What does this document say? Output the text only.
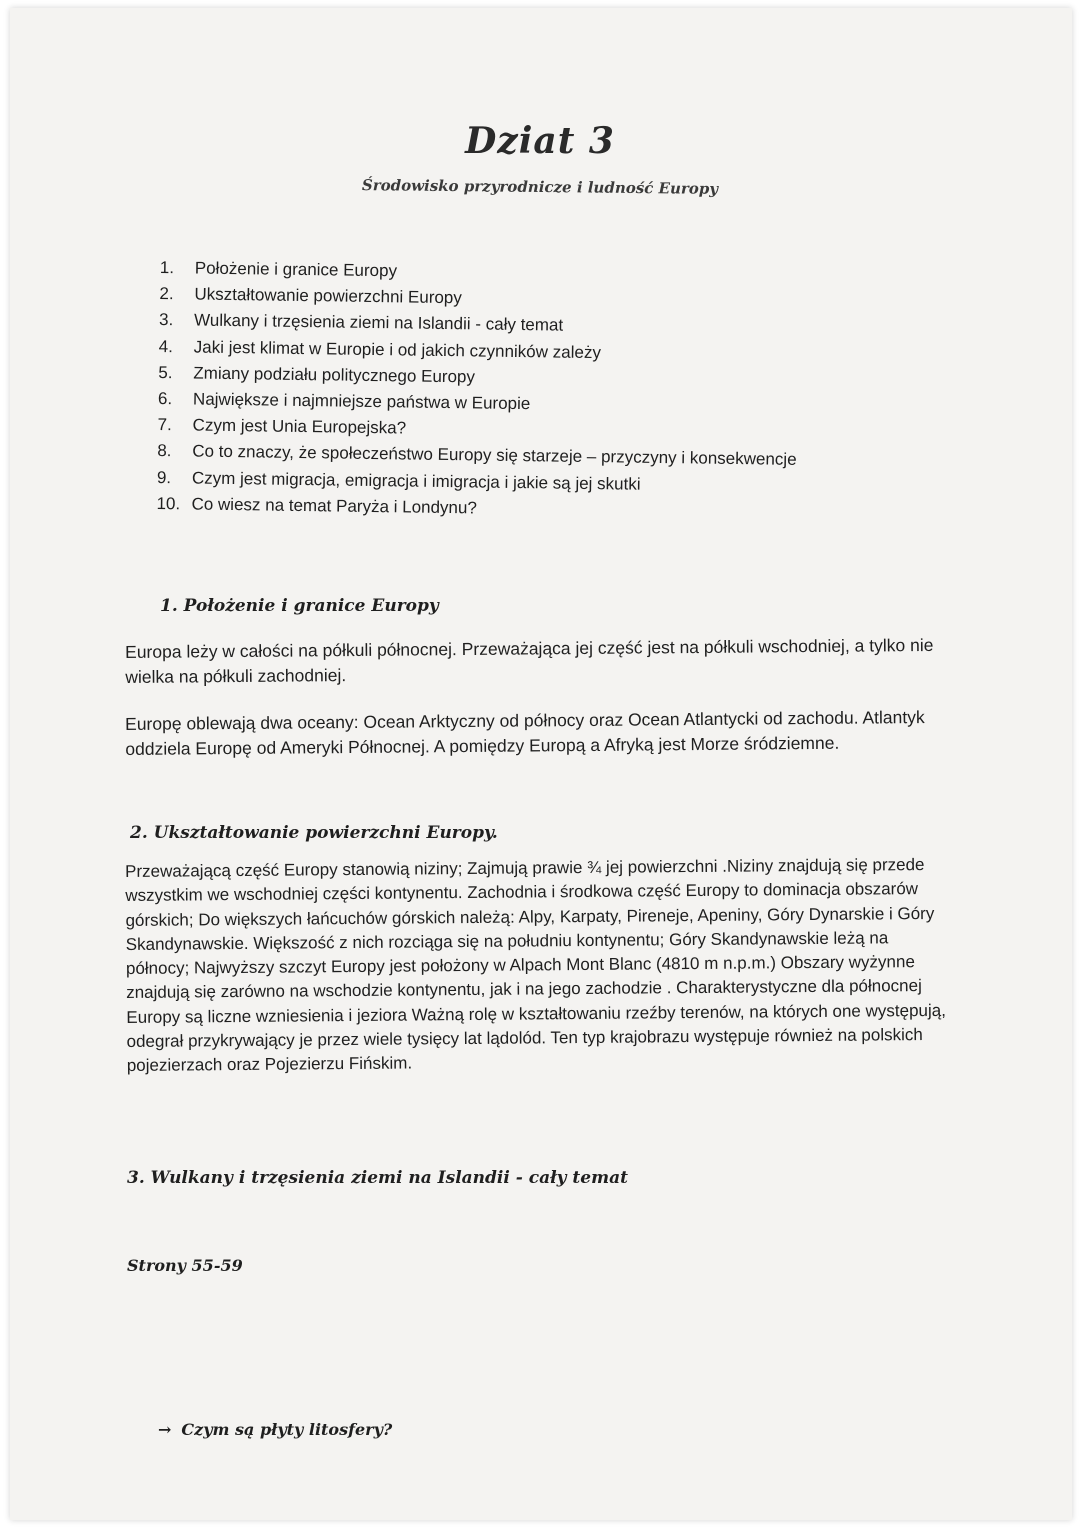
Dziat 3
Środowisko przyrodnicze i ludność Europy
1. Położenie i granice Europy
2. Ukształtowanie powierzchni Europy
3. Wulkany i trzęsienia ziemi na Islandii - cały temat
4. Jaki jest klimat w Europie i od jakich czynników zależy
5. Zmiany podziału politycznego Europy
6. Największe i najmniejsze państwa w Europie
7. Czym jest Unia Europejska?
8. Co to znaczy, że społeczeństwo Europy się starzeje – przyczyny i konsekwencje
9. Czym jest migracja, emigracja i imigracja i jakie są jej skutki
10. Co wiesz na temat Paryża i Londynu?
1. Położenie i granice Europy

Europa leży w całości na półkuli północnej. Przeważająca jej część jest na półkuli wschodniej, a tylko nie wielka na półkuli zachodniej.

Europę oblewają dwa oceany: Ocean Arktyczny od północy oraz Ocean Atlantycki od zachodu. Atlantyk oddziela Europę od Ameryki Północnej. A pomiędzy Europą a Afryką jest Morze śródziemne.

2. Ukształtowanie powierzchni Europy.

Przeważającą część Europy stanowią niziny; Zajmują prawie ¾ jej powierzchni .Niziny znajdują się przede wszystkim we wschodniej części kontynentu. Zachodnia i środkowa część Europy to dominacja obszarów górskich; Do większych łańcuchów górskich należą: Alpy, Karpaty, Pireneje, Apeniny, Góry Dynarskie i Góry Skandynawskie. Większość z nich rozciąga się na południu kontynentu; Góry Skandynawskie leżą na północy; Najwyższy szczyt Europy jest położony w Alpach Mont Blanc (4810 m n.p.m.) Obszary wyżynne znajdują się zarówno na wschodzie kontynentu, jak i na jego zachodzie . Charakterystyczne dla północnej Europy są liczne wzniesienia i jeziora Ważną rolę w kształtowaniu rzeźby terenów, na których one występują, odegrał przykrywający je przez wiele tysięcy lat lądolód. Ten typ krajobrazu występuje również na polskich pojezierzach oraz Pojezierzu Fińskim.

3. Wulkany i trzęsienia ziemi na Islandii - cały temat
Strony 55-59
→ Czym są płyty litosfery?
